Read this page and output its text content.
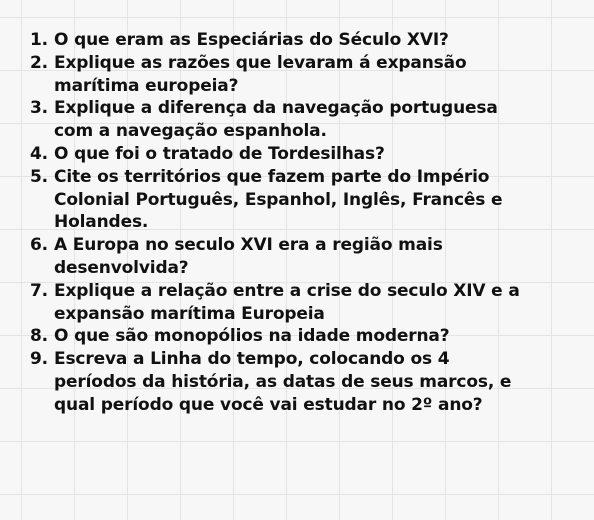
1. O que eram as Especiárias do Século XVI?
2. Explique as razões que levaram á expansão marítima europeia?
3. Explique a diferença da navegação portuguesa com a navegação espanhola.
4. O que foi o tratado de Tordesilhas?
5. Cite os territórios que fazem parte do Império Colonial Português, Espanhol, Inglês, Francês e Holandes.
6. A Europa no seculo XVI era a região mais desenvolvida?
7. Explique a relação entre a crise do seculo XIV e a expansão marítima Europeia
8. O que são monopólios na idade moderna?
9. Escreva a Linha do tempo, colocando os 4 períodos da história, as datas de seus marcos, e qual período que você vai estudar no 2º ano?
